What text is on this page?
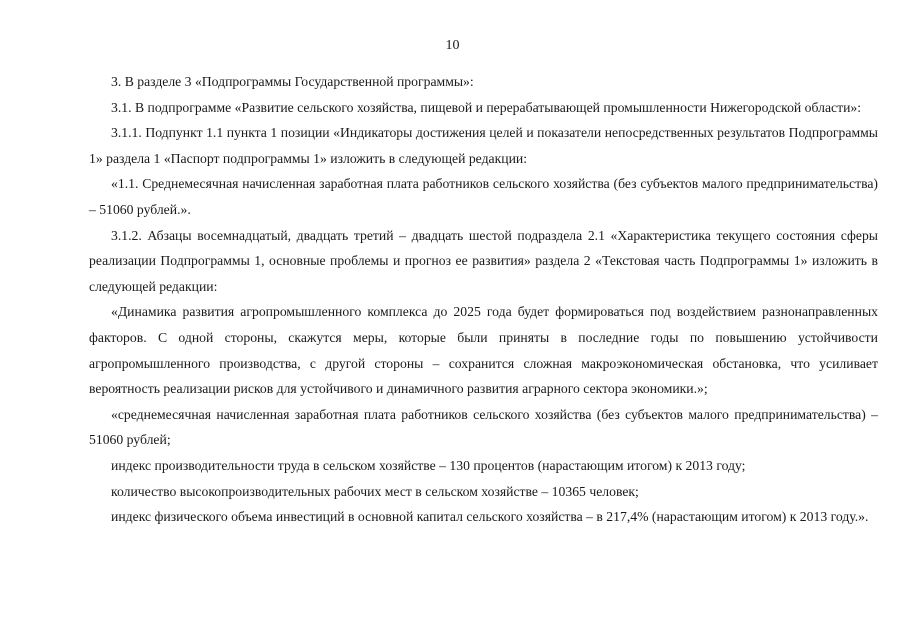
10

3. В разделе 3 «Подпрограммы Государственной программы»:

3.1. В подпрограмме «Развитие сельского хозяйства, пищевой и перерабатывающей промышленности Нижегородской области»:

3.1.1. Подпункт 1.1 пункта 1 позиции «Индикаторы достижения целей и показатели непосредственных результатов Подпрограммы 1» раздела 1 «Паспорт подпрограммы 1» изложить в следующей редакции:

«1.1. Среднемесячная начисленная заработная плата работников сельского хозяйства (без субъектов малого предпринимательства) – 51060 рублей.».

3.1.2. Абзацы восемнадцатый, двадцать третий – двадцать шестой подраздела 2.1 «Характеристика текущего состояния сферы реализации Подпрограммы 1, основные проблемы и прогноз ее развития» раздела 2 «Текстовая часть Подпрограммы 1» изложить в следующей редакции:

«Динамика развития агропромышленного комплекса до 2025 года будет формироваться под воздействием разнонаправленных факторов. С одной стороны, скажутся меры, которые были приняты в последние годы по повышению устойчивости агропромышленного производства, с другой стороны – сохранится сложная макроэкономическая обстановка, что усиливает вероятность реализации рисков для устойчивого и динамичного развития аграрного сектора экономики.»;

«среднемесячная начисленная заработная плата работников сельского хозяйства (без субъектов малого предпринимательства) – 51060 рублей;

индекс производительности труда в сельском хозяйстве – 130 процентов (нарастающим итогом) к 2013 году;

количество высокопроизводительных рабочих мест в сельском хозяйстве – 10365 человек;

индекс физического объема инвестиций в основной капитал сельского хозяйства – в 217,4% (нарастающим итогом) к 2013 году.».
